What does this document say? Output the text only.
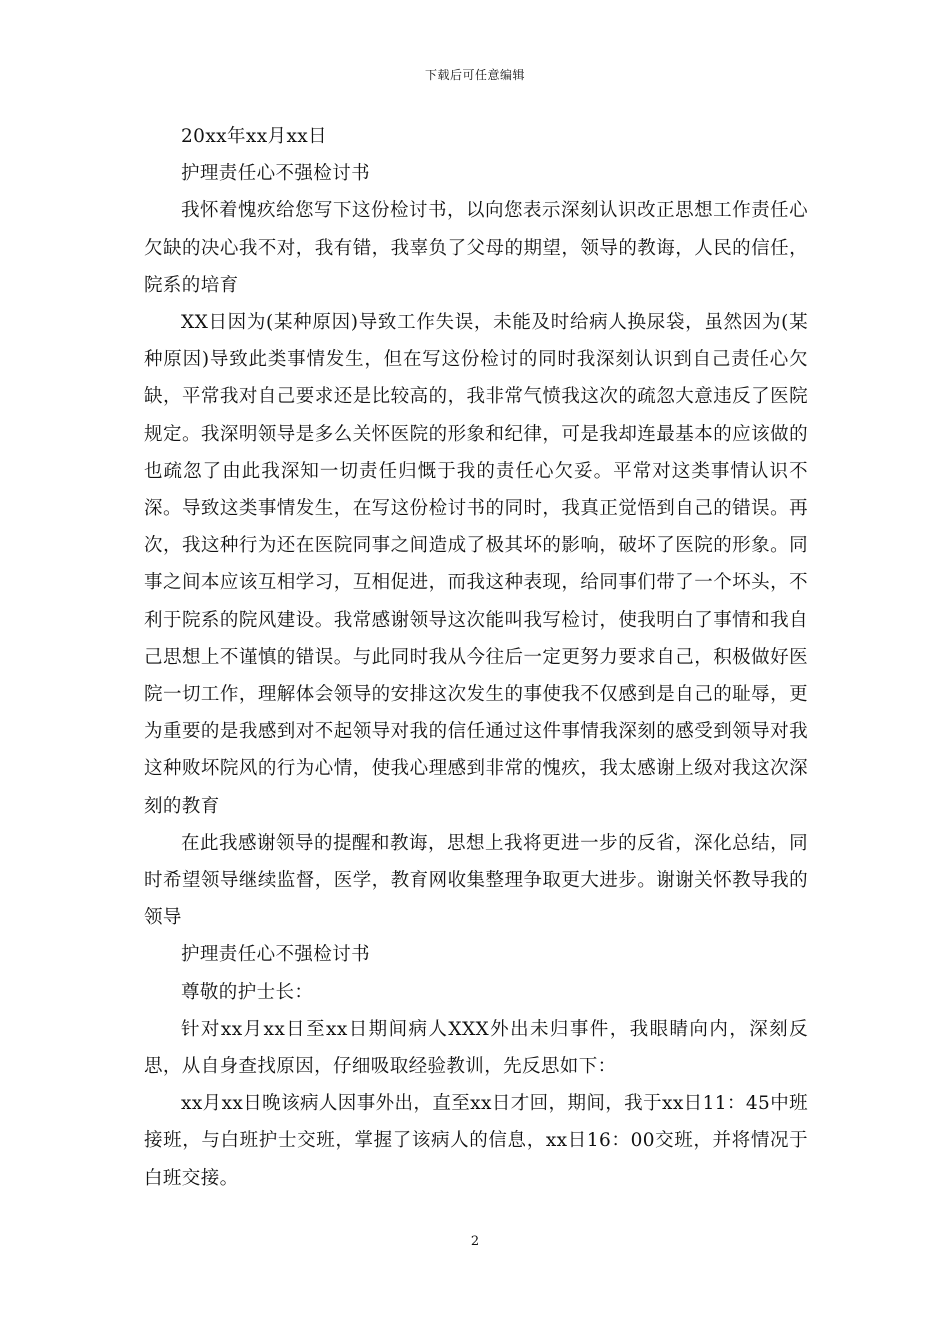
下载后可任意编辑

20xx年xx月xx日

护理责任心不强检讨书

我怀着愧疚给您写下这份检讨书，以向您表示深刻认识改正思想工作责任心欠缺的决心我不对，我有错，我辜负了父母的期望，领导的教诲，人民的信任，院系的培育

XX日因为(某种原因)导致工作失误，未能及时给病人换尿袋，虽然因为(某种原因)导致此类事情发生，但在写这份检讨的同时我深刻认识到自己责任心欠缺，平常我对自己要求还是比较高的，我非常气愤我这次的疏忽大意违反了医院规定。我深明领导是多么关怀医院的形象和纪律，可是我却连最基本的应该做的也疏忽了由此我深知一切责任归慨于我的责任心欠妥。平常对这类事情认识不深。导致这类事情发生，在写这份检讨书的同时，我真正觉悟到自己的错误。再次，我这种行为还在医院同事之间造成了极其坏的影响，破坏了医院的形象。同事之间本应该互相学习，互相促进，而我这种表现，给同事们带了一个坏头，不利于院系的院风建设。我常感谢领导这次能叫我写检讨，使我明白了事情和我自己思想上不谨慎的错误。与此同时我从今往后一定更努力要求自己，积极做好医院一切工作，理解体会领导的安排这次发生的事使我不仅感到是自己的耻辱，更为重要的是我感到对不起领导对我的信任通过这件事情我深刻的感受到领导对我这种败坏院风的行为心情，使我心理感到非常的愧疚，我太感谢上级对我这次深刻的教育

在此我感谢领导的提醒和教诲，思想上我将更进一步的反省，深化总结，同时希望领导继续监督，医学，教育网收集整理争取更大进步。谢谢关怀教导我的领导

护理责任心不强检讨书

尊敬的护士长：

针对xx月xx日至xx日期间病人XXX外出未归事件，我眼睛向内，深刻反思，从自身查找原因，仔细吸取经验教训，先反思如下：

xx月xx日晚该病人因事外出，直至xx日才回，期间，我于xx日11：45中班接班，与白班护士交班，掌握了该病人的信息，xx日16：00交班，并将情况于白班交接。

2
